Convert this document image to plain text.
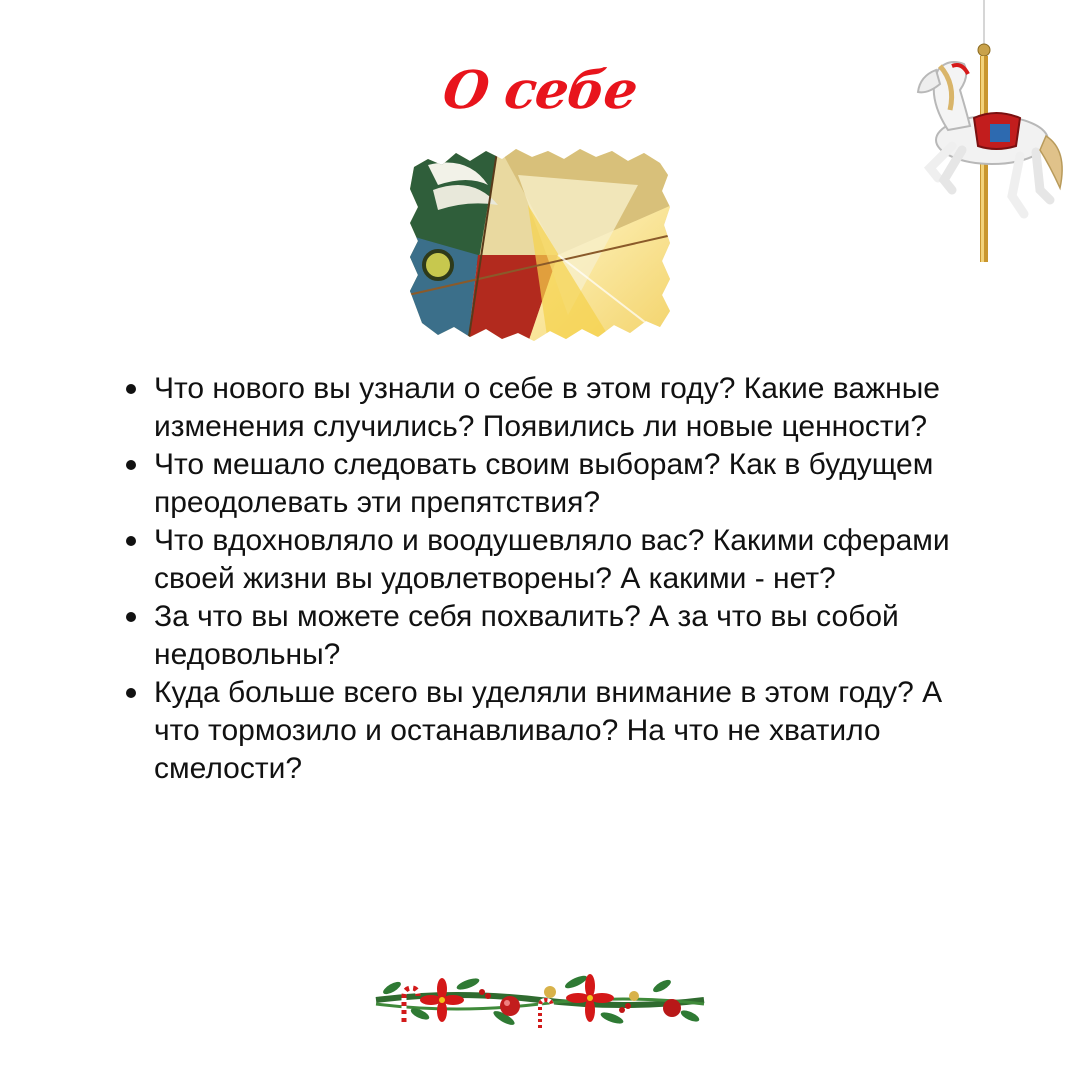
О себе
Что нового вы узнали о себе в этом году? Какие важные изменения случились? Появились ли новые ценности?
Что мешало следовать своим выборам? Как в будущем преодолевать эти препятствия?
Что вдохновляло и воодушевляло вас? Какими сферами своей жизни вы удовлетворены? А какими - нет?
За что вы можете себя похвалить? А за что вы собой недовольны?
Куда больше всего вы уделяли внимание в этом году? А что тормозило и останавливало? На что не хватило смелости?
